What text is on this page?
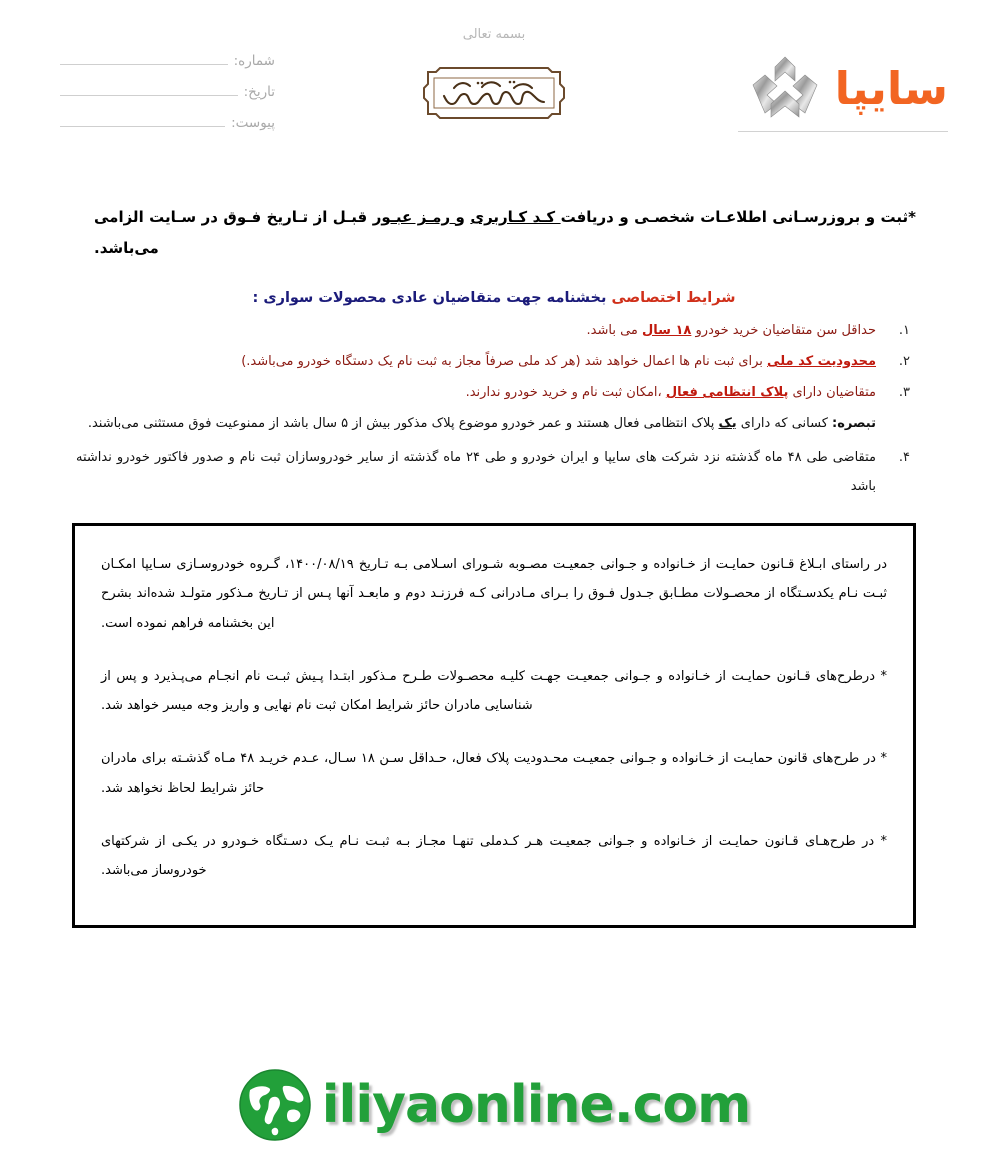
شماره:
تاریخ:
پیوست:
بسمه تعالی
سایپا
*ثبت و بروزرسـانی اطلاعـات شخصـی و دریافت کـد کـاربری و رمـز عبـور قبـل از تـاریخ فـوق در سـایت الزامی می‌باشد.
شرایط اختصاصی بخشنامه جهت متقاضیان عادی محصولات سواری :
۱.
حداقل سن متقاضیان خرید خودرو ۱۸ سال می باشد.
۲.
محدودیت کد ملی برای ثبت نام ها اعمال خواهد شد (هر کد ملی صرفاً مجاز به ثبت نام یک دستگاه خودرو می‌باشد.)
۳.
متقاضیان دارای پلاک انتظامی فعال ،امکان ثبت نام و خرید خودرو ندارند.
تبصره: کسانی که دارای یک پلاک انتظامی فعال هستند و عمر خودرو موضوع پلاک مذکور بیش از ۵ سال باشد از ممنوعیت فوق مستثنی می‌باشند.
۴.
متقاضی طی ۴۸ ماه گذشته نزد شرکت های سایپا و ایران خودرو و طی ۲۴ ماه گذشته از سایر خودروسازان ثبت نام و صدور فاکتور خودرو نداشته باشد

در راستای ابـلاغ قـانون حمایـت از خـانواده و جـوانی جمعیـت مصـوبه شـورای اسـلامی بـه تـاریخ ۱۴۰۰/۰۸/۱۹، گـروه خودروسـازی سـایپا امکـان ثبـت نـام یکدسـتگاه از محصـولات مطـابق جـدول فـوق را بـرای مـادرانی کـه فرزنـد دوم و مابعـد آنها پـس از تـاریخ مـذکور متولـد شده‌اند بشرح این بخشنامه فراهم نموده است.

* درطرح‌های قـانون حمایـت از خـانواده و جـوانی جمعیـت جهـت کلیـه محصـولات طـرح مـذکور ابتـدا پـیش ثبـت نام انجـام می‌پـذیرد و پس از شناسایی مادران حائز شرایط امکان ثبت نام نهایی و واریز وجه میسر خواهد شد.

* در طرح‌های قانون حمایـت از خـانواده و جـوانی جمعیـت محـدودیت پلاک فعال، حـداقل سـن ۱۸ سـال، عـدم خریـد ۴۸ مـاه گذشـته برای مادران حائز شرایط لحاظ نخواهد شد.

* در طرح‌هـای قـانون حمایـت از خـانواده و جـوانی جمعیـت هـر کـدملی تنهـا مجـاز بـه ثبـت نـام یـک دسـتگاه خـودرو در یکـی از شرکتهای خودروساز می‌باشد.

iliyaonline.com
